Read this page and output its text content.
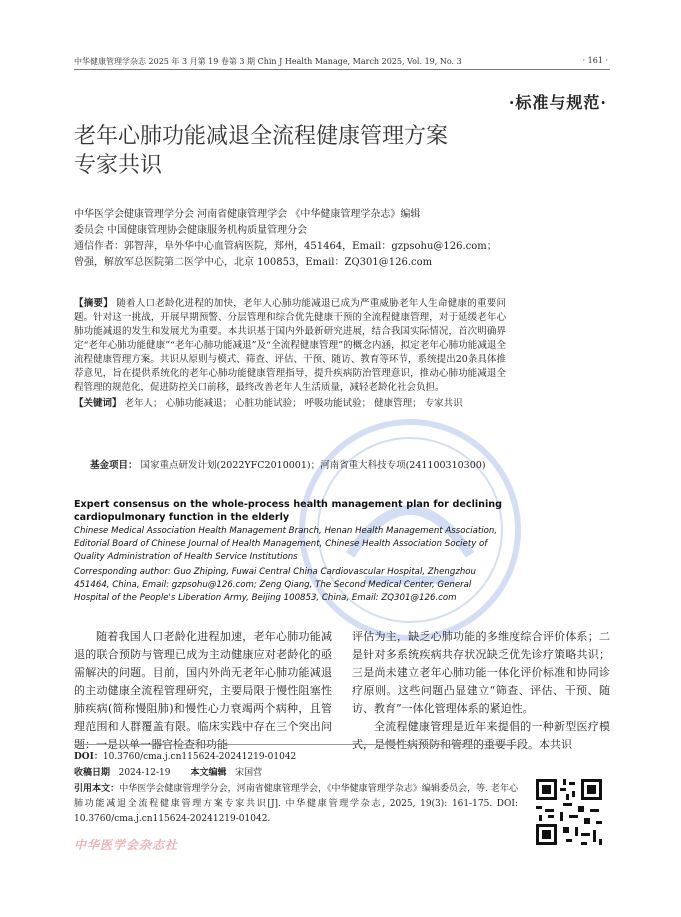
中华健康管理学杂志 2025 年 3 月第 19 卷第 3 期 Chin J Health Manage, March 2025, Vol. 19, No. 3	· 161 ·
·标准与规范·
老年心肺功能减退全流程健康管理方案
专家共识
中华医学会健康管理学分会 河南省健康管理学会 《中华健康管理学杂志》编辑
委员会 中国健康管理协会健康服务机构质量管理分会
通信作者：郭智萍，阜外华中心血管病医院，郑州，451464，Email：gzpsohu@126.com；
曾强，解放军总医院第二医学中心，北京 100853，Email：ZQ301@126.com
【摘要】 随着人口老龄化进程的加快，老年人心肺功能减退已成为严重威胁老年人生命健康的重要问题。针对这一挑战，开展早期预警、分层管理和综合优先健康干预的全流程健康管理，对于延缓老年心肺功能减退的发生和发展尤为重要。本共识基于国内外最新研究进展，结合我国实际情况，首次明确界定“老年心肺功能健康”“老年心肺功能减退”及“全流程健康管理”的概念内涵，拟定老年心肺功能减退全流程健康管理方案。共识从原则与模式、筛查、评估、干预、随访、教育等环节，系统提出20条具体推荐意见，旨在提供系统化的老年心肺功能健康管理指导，提升疾病防治管理意识，推动心肺功能减退全程管理的规范化，促进防控关口前移，最终改善老年人生活质量，减轻老龄化社会负担。
【关键词】 老年人； 心肺功能减退； 心脏功能试验； 呼吸功能试验； 健康管理； 专家共识
基金项目： 国家重点研发计划(2022YFC2010001)；河南省重大科技专项(241100310300)
Expert consensus on the whole-process health management plan for declining cardiopulmonary function in the elderly
Chinese Medical Association Health Management Branch, Henan Health Management Association, Editorial Board of Chinese Journal of Health Management, Chinese Health Association Society of Quality Administration of Health Service Institutions
Corresponding author: Guo Zhiping, Fuwai Central China Cardiovascular Hospital, Zhengzhou 451464, China, Email: gzpsohu@126.com; Zeng Qiang, The Second Medical Center, General Hospital of the People's Liberation Army, Beijing 100853, China, Email: ZQ301@126.com

随着我国人口老龄化进程加速，老年心肺功能减退的联合预防与管理已成为主动健康应对老龄化的亟需解决的问题。目前，国内外尚无老年心肺功能减退的主动健康全流程管理研究，主要局限于慢性阻塞性肺疾病(简称慢阻肺)和慢性心力衰竭两个病种，且管理范围和人群覆盖有限。临床实践中存在三个突出问题：一是以单一器官检查和功能

评估为主，缺乏心肺功能的多维度综合评价体系；二是针对多系统疾病共存状况缺乏优先诊疗策略共识；三是尚未建立老年心肺功能一体化评价标准和协同诊疗原则。这些问题凸显建立“筛查、评估、干预、随访、教育”一体化管理体系的紧迫性。

全流程健康管理是近年来提倡的一种新型医疗模式，是慢性病预防和管理的重要手段。本共识

DOI：10.3760/cma.j.cn115624-20241219-01042
收稿日期 2024-12-19 本文编辑 宋国营
引用本文：中华医学会健康管理学分会，河南省健康管理学会，《中华健康管理学杂志》编辑委员会，等. 老年心肺功能减退全流程健康管理方案专家共识[J]. 中华健康管理学杂志, 2025, 19(3): 161-175. DOI: 10.3760/cma.j.cn115624-20241219-01042.
中华医学会杂志社
